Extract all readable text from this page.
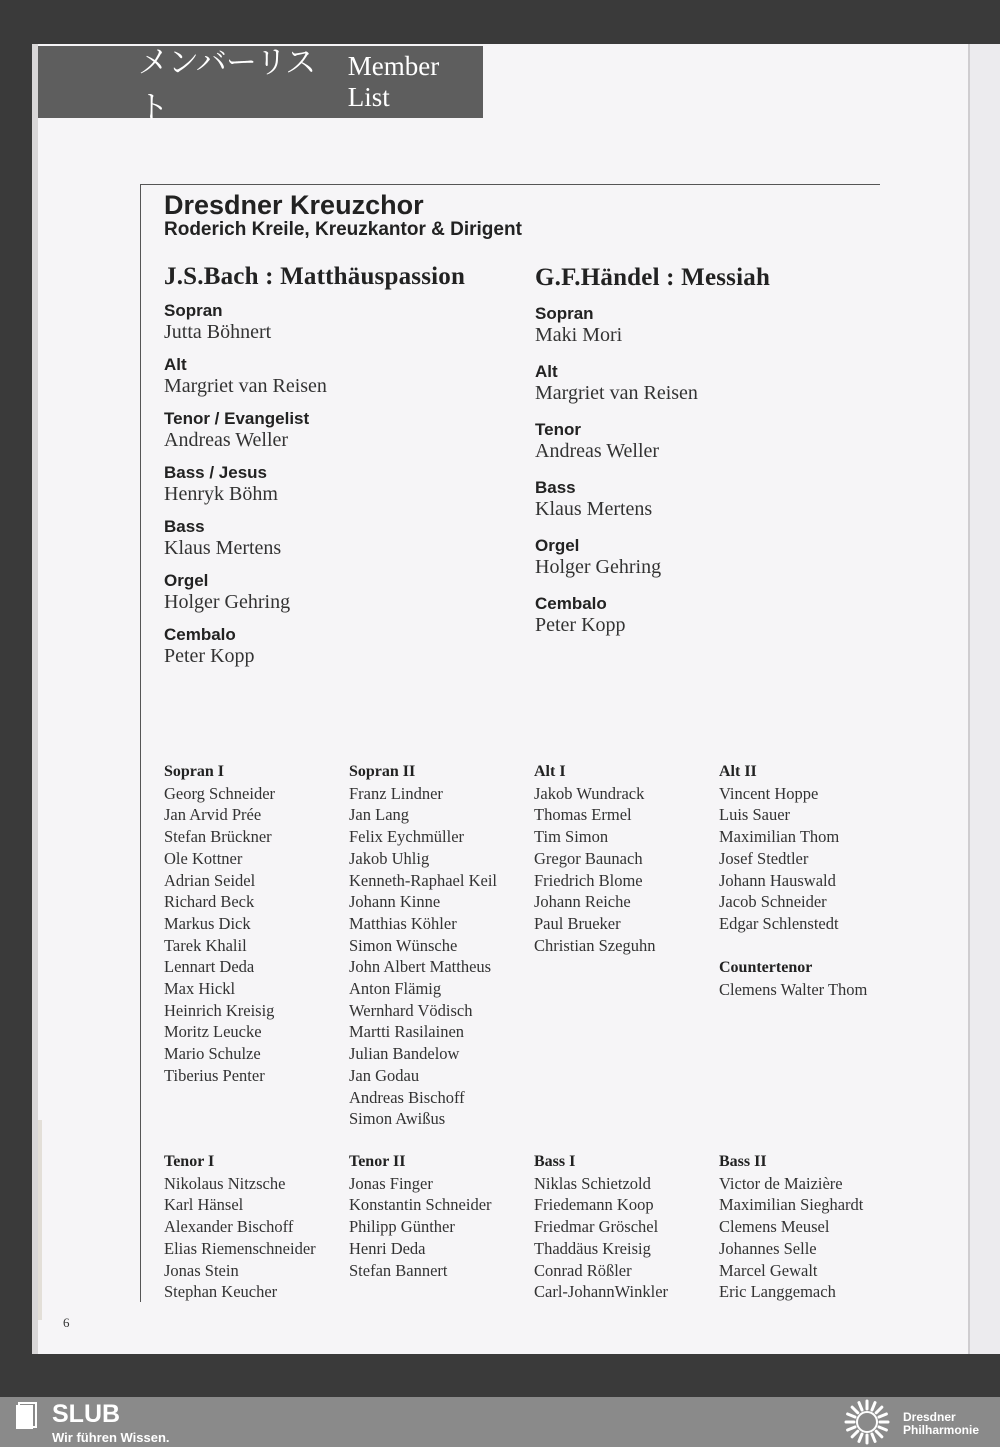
メンバーリスト
Member List
Dresdner Kreuzchor
Roderich Kreile, Kreuzkantor & Dirigent
J.S.Bach : Matthäuspassion
Sopran
Jutta Böhnert
Alt
Margriet van Reisen
Tenor / Evangelist
Andreas Weller
Bass / Jesus
Henryk Böhm
Bass
Klaus Mertens
Orgel
Holger Gehring
Cembalo
Peter Kopp
G.F.Händel : Messiah
Sopran
Maki Mori
Alt
Margriet van Reisen
Tenor
Andreas Weller
Bass
Klaus Mertens
Orgel
Holger Gehring
Cembalo
Peter Kopp
Sopran I
Georg Schneider
Jan Arvid Prée
Stefan Brückner
Ole Kottner
Adrian Seidel
Richard Beck
Markus Dick
Tarek Khalil
Lennart Deda
Max Hickl
Heinrich Kreisig
Moritz Leucke
Mario Schulze
Tiberius Penter
Sopran II
Franz Lindner
Jan Lang
Felix Eychmüller
Jakob Uhlig
Kenneth-Raphael Keil
Johann Kinne
Matthias Köhler
Simon Wünsche
John Albert Mattheus
Anton Flämig
Wernhard Vödisch
Martti Rasilainen
Julian Bandelow
Jan Godau
Andreas Bischoff
Simon Awißus
Alt I
Jakob Wundrack
Thomas Ermel
Tim Simon
Gregor Baunach
Friedrich Blome
Johann Reiche
Paul Brueker
Christian Szeguhn
Alt II
Vincent Hoppe
Luis Sauer
Maximilian Thom
Josef Stedtler
Johann Hauswald
Jacob Schneider
Edgar Schlenstedt
Countertenor
Clemens Walter Thom
Tenor I
Nikolaus Nitzsche
Karl Hänsel
Alexander Bischoff
Elias Riemenschneider
Jonas Stein
Stephan Keucher
Tenor II
Jonas Finger
Konstantin Schneider
Philipp Günther
Henri Deda
Stefan Bannert
Bass I
Niklas Schietzold
Friedemann Koop
Friedmar Gröschel
Thaddäus Kreisig
Conrad Rößler
Carl-JohannWinkler
Bass II
Victor de Maizière
Maximilian Sieghardt
Clemens Meusel
Johannes Selle
Marcel Gewalt
Eric Langgemach
6
SLUB
Wir führen Wissen.
Dresdner
Philharmonie
